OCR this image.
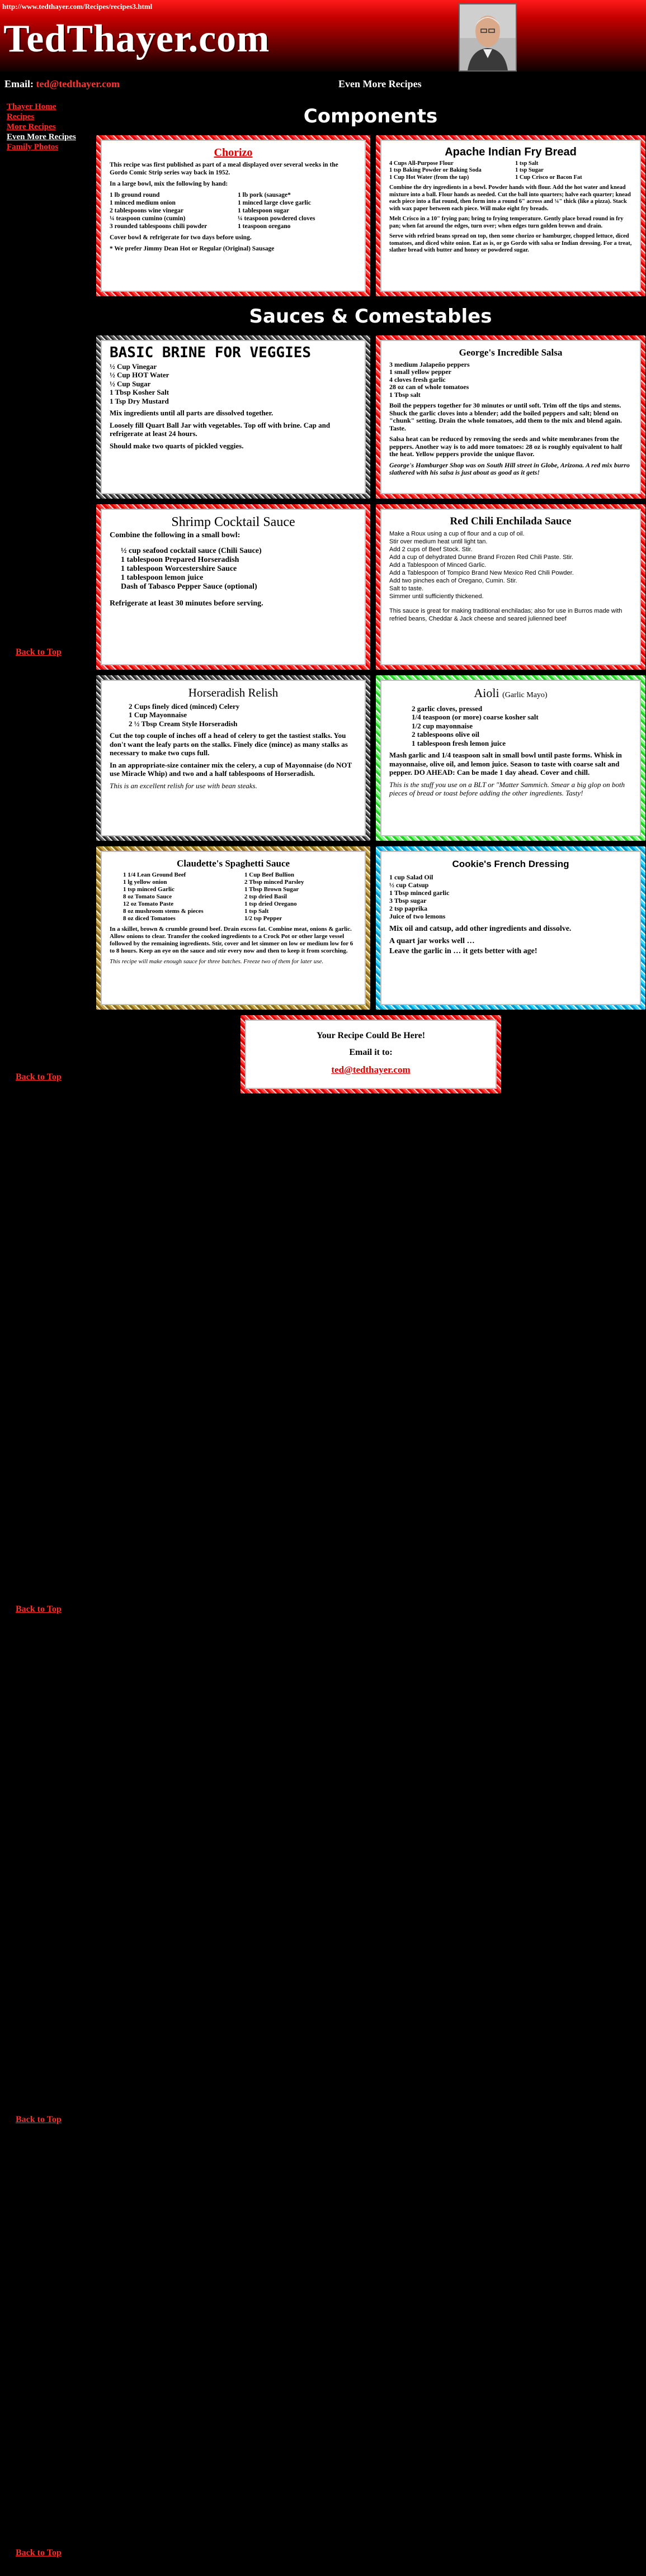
http://www.tedthayer.com/Recipes/recipes3.html
TedThayer.com
Email: ted@tedthayer.com	Even More Recipes
Thayer Home
Recipes
More Recipes
Even More Recipes
Family Photos
Back to Top
Back to Top
Back to Top
Back to Top
Back to Top
Components
Chorizo

This recipe was first published as part of a meal displayed over several weeks in the Gordo Comic Strip series way back in 1952.

In a large bowl, mix the following by hand:

1 lb ground round
1 minced medium onion
2 tablespoons wine vinegar
¼ teaspoon cumino (cumin)
3 rounded tablespoons chili powder
1 lb pork (sausage*
1 minced large clove garlic
1 tablespoon sugar
¼ teaspoon powdered cloves
1 teaspoon oregano

Cover bowl & refrigerate for two days before using.

* We prefer Jimmy Dean Hot or Regular (Original) Sausage

Apache Indian Fry Bread
4 Cups All-Purpose Flour
1 tsp Baking Powder or Baking Soda
1 Cup Hot Water (from the tap)
1 tsp Salt
1 tsp Sugar
1 Cup Crisco or Bacon Fat

Combine the dry ingredients in a bowl. Powder hands with flour. Add the hot water and knead mixture into a ball. Flour hands as needed. Cut the ball into quarters; halve each quarter; knead each piece into a flat round, then form into a round 6" across and ¼" thick (like a pizza). Stack with wax paper between each piece. Will make eight fry breads.

Melt Crisco in a 10" frying pan; bring to frying temperature. Gently place bread round in fry pan; when fat around the edges, turn over; when edges turn golden brown and drain.

Serve with refried beans spread on top, then some chorizo or hamburger, chopped lettuce, diced tomatoes, and diced white onion. Eat as is, or go Gordo with salsa or Indian dressing. For a treat, slather bread with butter and honey or powdered sugar.

Sauces & Comestables
BASIC BRINE FOR VEGGIES
½ Cup Vinegar
½ Cup HOT Water
½ Cup Sugar
1 Tbsp Kosher Salt
1 Tsp Dry Mustard

Mix ingredients until all parts are dissolved together.

Loosely fill Quart Ball Jar with vegetables. Top off with brine. Cap and refrigerate at least 24 hours.

Should make two quarts of pickled veggies.

George's Incredible Salsa
3 medium Jalapeño peppers
1 small yellow pepper
4 cloves fresh garlic
28 oz can of whole tomatoes
1 Tbsp salt

Boil the peppers together for 30 minutes or until soft. Trim off the tips and stems. Shuck the garlic cloves into a blender; add the boiled peppers and salt; blend on "chunk" setting. Drain the whole tomatoes, add them to the mix and blend again. Taste.

Salsa heat can be reduced by removing the seeds and white membranes from the peppers. Another way is to add more tomatoes: 28 oz is roughly equivalent to half the heat. Yellow peppers provide the unique flavor.

George's Hamburger Shop was on South Hill street in Globe, Arizona. A red mix burro slathered with his salsa is just about as good as it gets!

Shrimp Cocktail Sauce

Combine the following in a small bowl:

½ cup seafood cocktail sauce (Chili Sauce)
1 tablespoon Prepared Horseradish
1 tablespoon Worcestershire Sauce
1 tablespoon lemon juice
Dash of Tabasco Pepper Sauce (optional)

Refrigerate at least 30 minutes before serving.

Red Chili Enchilada Sauce
Make a Roux using a cup of flour and a cup of oil.
Stir over medium heat until light tan.
Add 2 cups of Beef Stock. Stir.
Add a cup of dehydrated Dunne Brand Frozen Red Chili Paste. Stir.
Add a Tablespoon of Minced Garlic.
Add a Tablespoon of Tompico Brand New Mexico Red Chili Powder.
Add two pinches each of Oregano, Cumin. Stir.
Salt to taste.
Simmer until sufficiently thickened.

This sauce is great for making traditional enchiladas; also for use in Burros made with refried beans, Cheddar & Jack cheese and seared julienned beef

Horseradish Relish
2 Cups finely diced (minced) Celery
1 Cup Mayonnaise
2 ½ Tbsp Cream Style Horseradish

Cut the top couple of inches off a head of celery to get the tastiest stalks. You don't want the leafy parts on the stalks. Finely dice (mince) as many stalks as necessary to make two cups full.

In an appropriate-size container mix the celery, a cup of Mayonnaise (do NOT use Miracle Whip) and two and a half tablespoons of Horseradish.

This is an excellent relish for use with bean steaks.

Aioli (Garlic Mayo)
2 garlic cloves, pressed
1/4 teaspoon (or more) coarse kosher salt
1/2 cup mayonnaise
2 tablespoons olive oil
1 tablespoon fresh lemon juice

Mash garlic and 1/4 teaspoon salt in small bowl until paste forms. Whisk in mayonnaise, olive oil, and lemon juice. Season to taste with coarse salt and pepper. DO AHEAD: Can be made 1 day ahead. Cover and chill.

This is the stuff you use on a BLT or "Matter Sammich. Smear a big glop on both pieces of bread or toast before adding the other ingredients. Tasty!

Claudette's Spaghetti Sauce
1 1/4 Lean Ground Beef
1 lg yellow onion
1 tsp minced Garlic
8 oz Tomato Sauce
12 oz Tomato Paste
8 oz mushroom stems & pieces
8 oz diced Tomatoes
1 Cup Beef Bullion
2 Tbsp minced Parsley
1 Tbsp Brown Sugar
2 tsp dried Basil
1 tsp dried Oregano
1 tsp Salt
1/2 tsp Pepper

In a skillet, brown & crumble ground beef. Drain excess fat. Combine meat, onions & garlic. Allow onions to clear. Transfer the cooked ingredients to a Crock Pot or other large vessel followed by the remaining ingredients. Stir, cover and let simmer on low or medium low for 6 to 8 hours. Keep an eye on the sauce and stir every now and then to keep it from scorching.

This recipe will make enough sauce for three batches. Freeze two of them for later use.

Cookie's French Dressing
1 cup Salad Oil
½ cup Catsup
1 Tbsp minced garlic
3 Tbsp sugar
2 tsp paprika
Juice of two lemons

Mix oil and catsup, add other ingredients and dissolve.

A quart jar works well …

Leave the garlic in … it gets better with age!

Your Recipe Could Be Here!
Email it to:
ted@tedthayer.com
